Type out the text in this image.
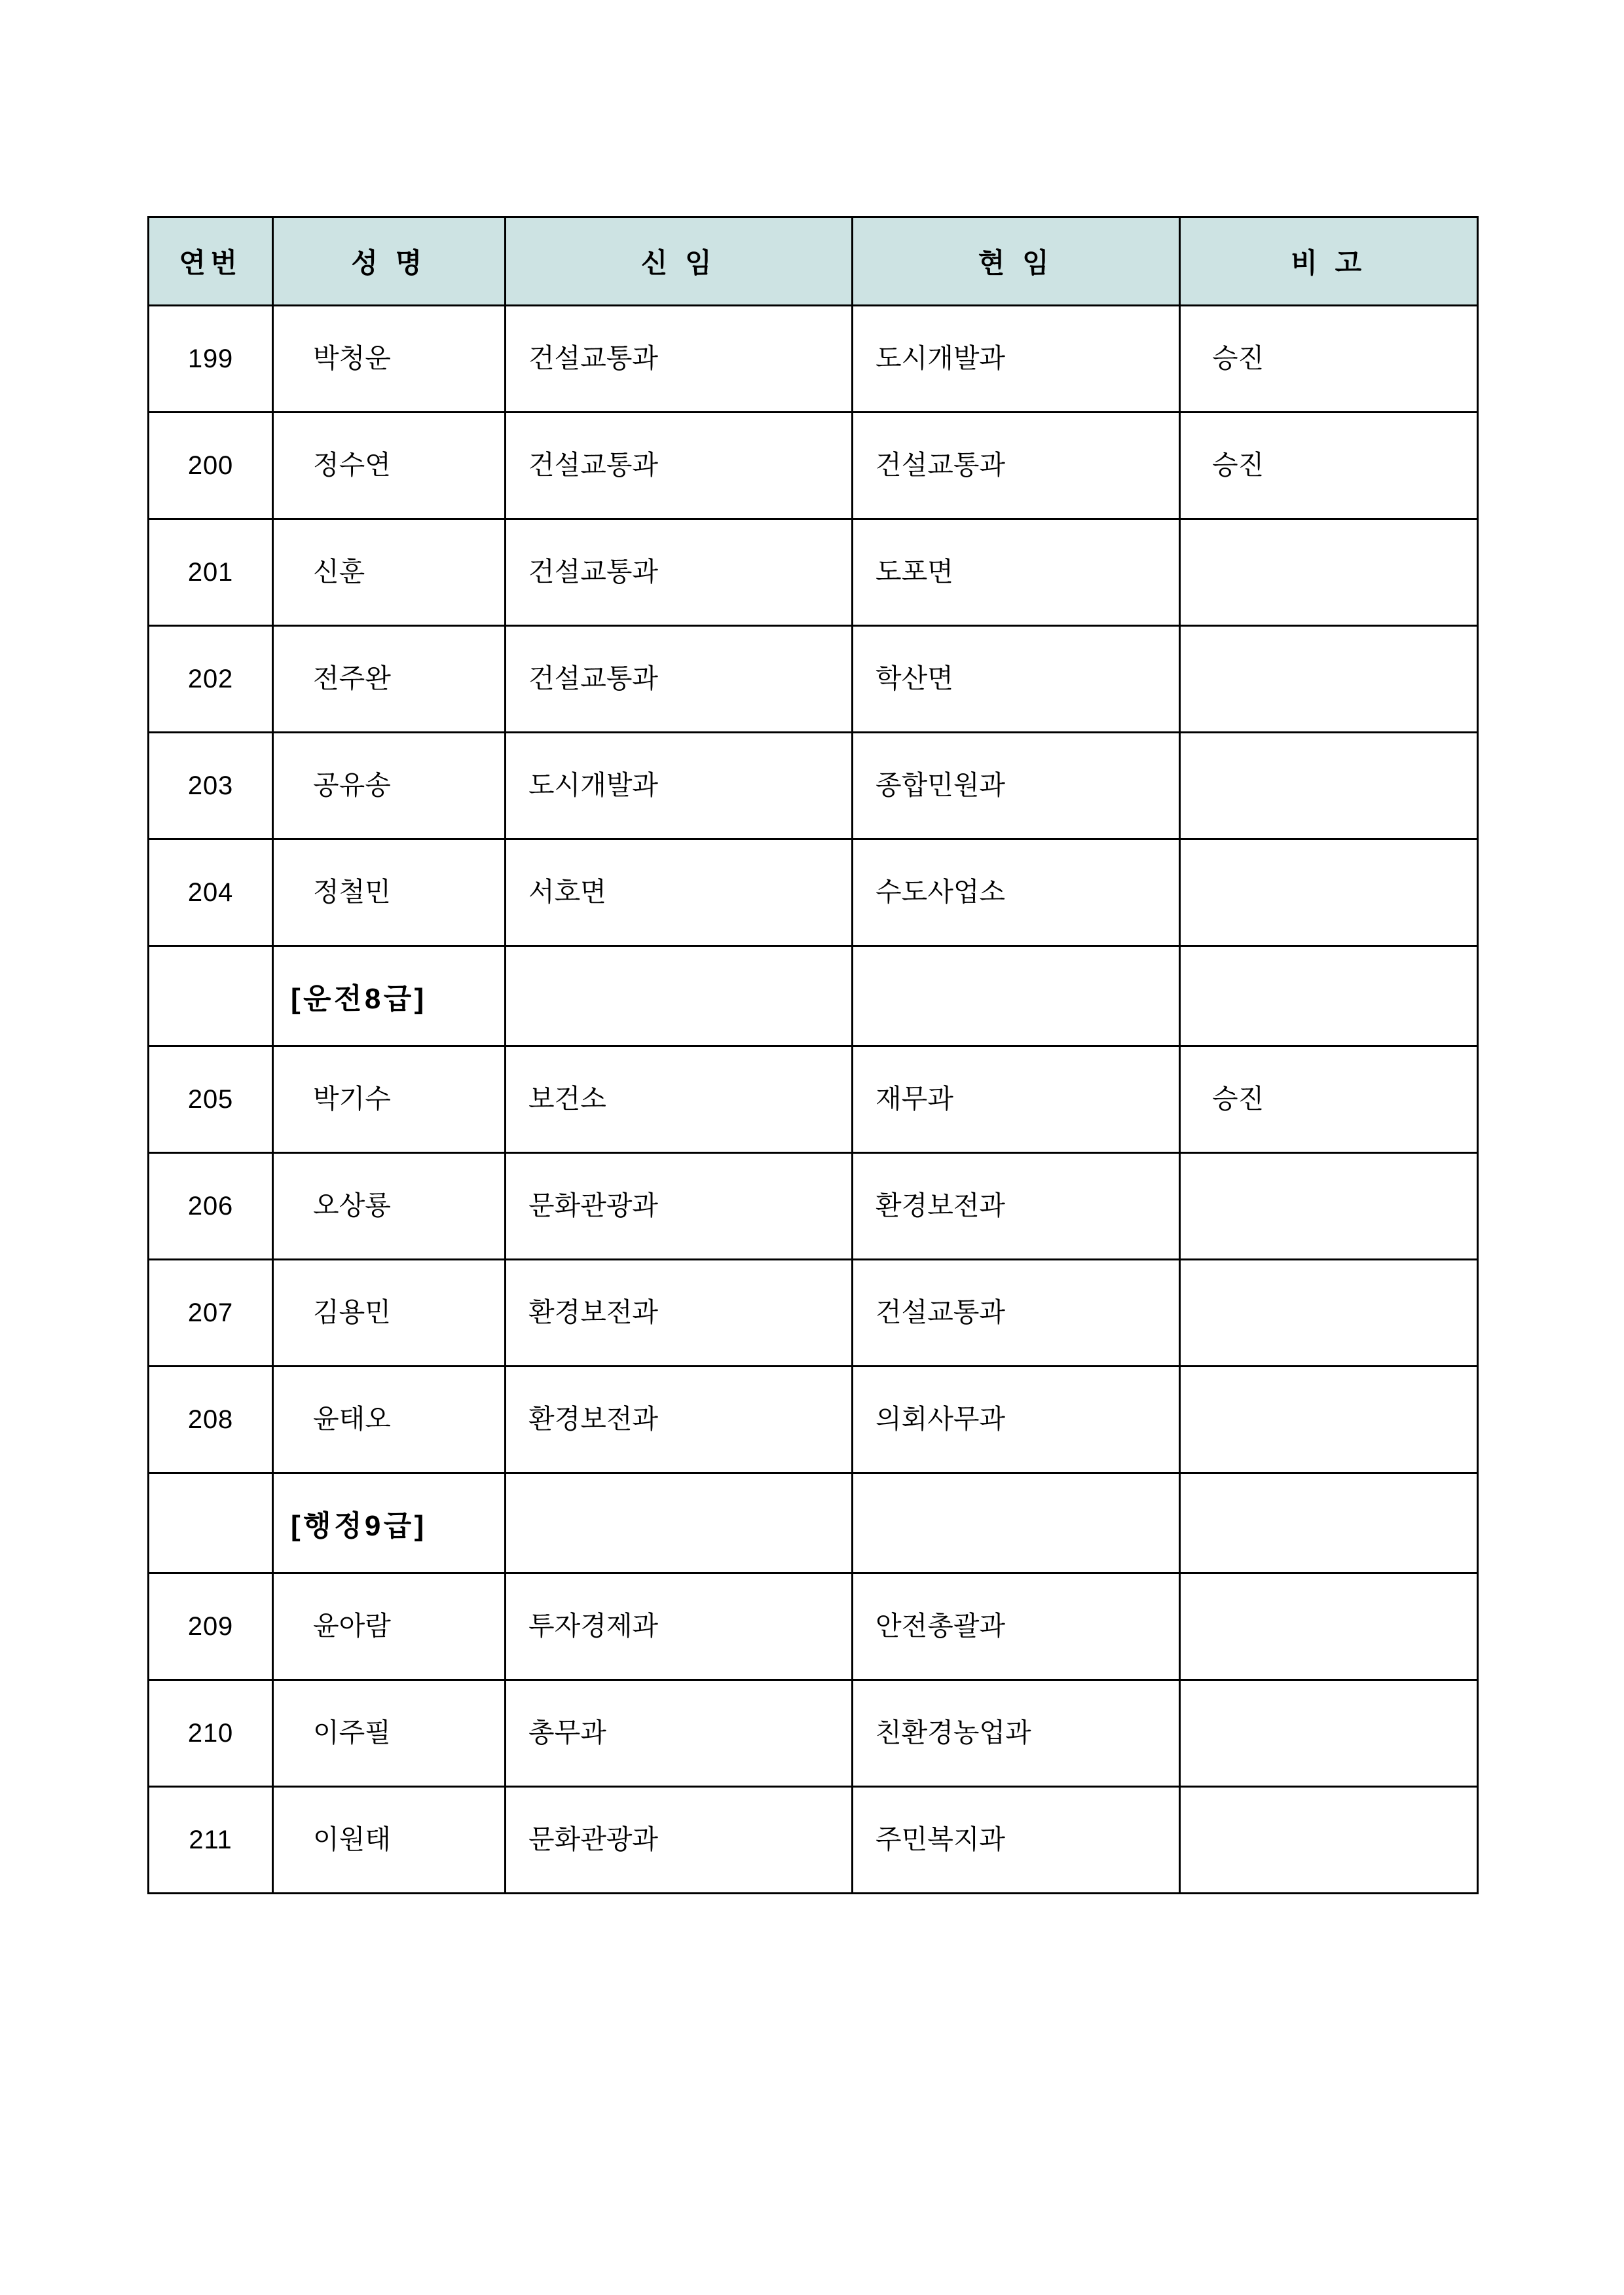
연번	성 명	신 임	현 임	비 고
199	박청운	건설교통과	도시개발과	승진

200	정수연	건설교통과	건설교통과	승진

201	신훈	건설교통과	도포면	

202	전주완	건설교통과	학산면	

203	공유송	도시개발과	종합민원과	

204	정철민	서호면	수도사업소	

	[운전8급]			
205	박기수	보건소	재무과	승진

206	오상룡	문화관광과	환경보전과	

207	김용민	환경보전과	건설교통과	

208	윤태오	환경보전과	의회사무과	

	[행정9급]			
209	윤아람	투자경제과	안전총괄과	

210	이주필	총무과	친환경농업과	

211	이원태	문화관광과	주민복지과	
